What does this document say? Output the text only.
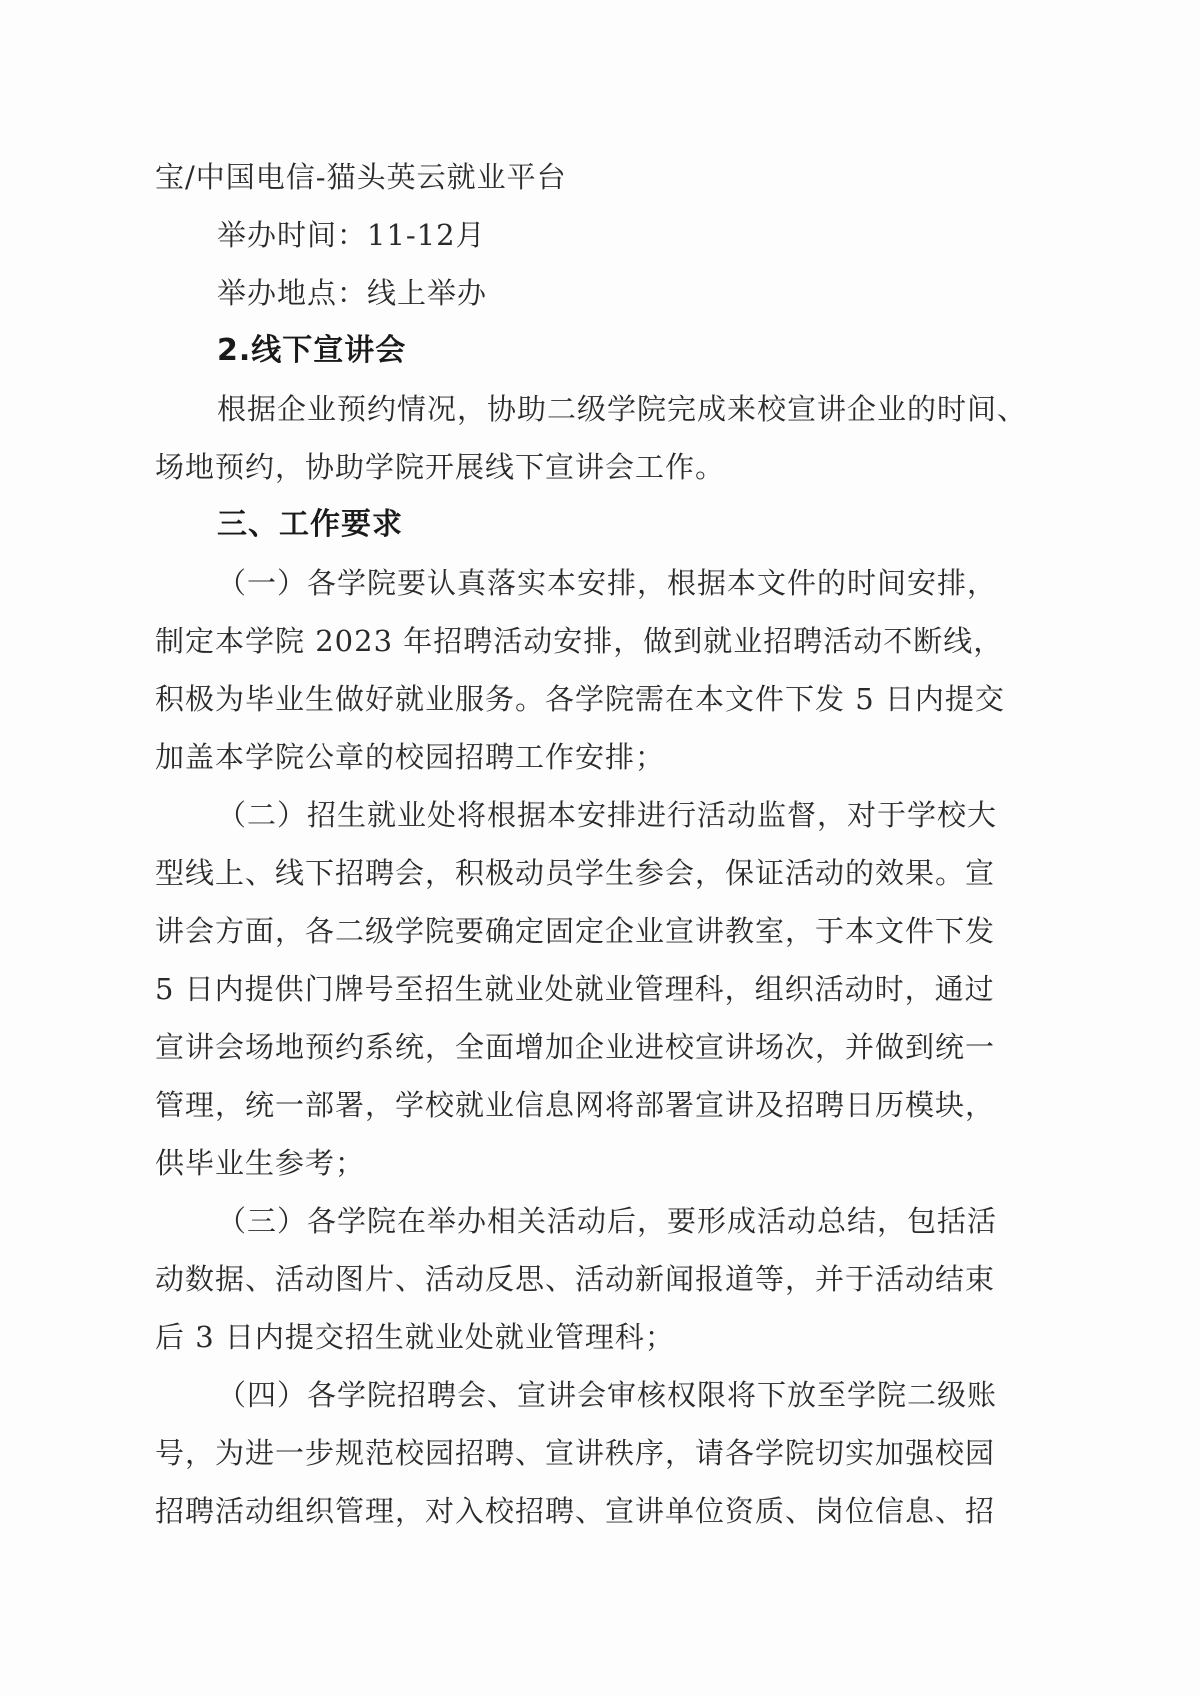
宝/中国电信-猫头英云就业平台
举办时间：11-12月
举办地点：线上举办
2.线下宣讲会
根据企业预约情况，协助二级学院完成来校宣讲企业的时间、
场地预约，协助学院开展线下宣讲会工作。
三、工作要求
（一）各学院要认真落实本安排，根据本文件的时间安排，
制定本学院 2023 年招聘活动安排，做到就业招聘活动不断线，
积极为毕业生做好就业服务。各学院需在本文件下发 5 日内提交
加盖本学院公章的校园招聘工作安排；
（二）招生就业处将根据本安排进行活动监督，对于学校大
型线上、线下招聘会，积极动员学生参会，保证活动的效果。宣
讲会方面，各二级学院要确定固定企业宣讲教室，于本文件下发
5 日内提供门牌号至招生就业处就业管理科，组织活动时，通过
宣讲会场地预约系统，全面增加企业进校宣讲场次，并做到统一
管理，统一部署，学校就业信息网将部署宣讲及招聘日历模块，
供毕业生参考；
（三）各学院在举办相关活动后，要形成活动总结，包括活
动数据、活动图片、活动反思、活动新闻报道等，并于活动结束
后 3 日内提交招生就业处就业管理科；
（四）各学院招聘会、宣讲会审核权限将下放至学院二级账
号，为进一步规范校园招聘、宣讲秩序，请各学院切实加强校园
招聘活动组织管理，对入校招聘、宣讲单位资质、岗位信息、招
